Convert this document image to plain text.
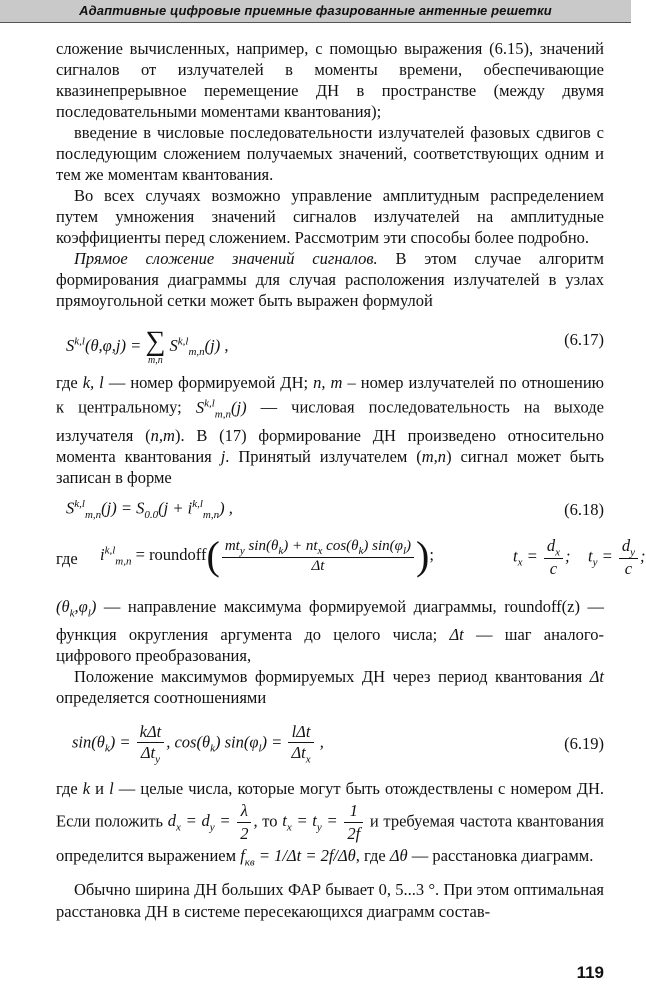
Адаптивные цифровые приемные фазированные антенные решетки

сложение вычисленных, например, с помощью выражения (6.15), значений сигналов от излучателей в моменты времени, обеспечивающие квазинепрерывное перемещение ДН в пространстве (между двумя последовательными моментами квантования);

введение в числовые последовательности излучателей фазовых сдвигов с последующим сложением получаемых значений, соответствующих одним и тем же моментам квантования.

Во всех случаях возможно управление амплитудным распределением путем умножения значений сигналов излучателей на амплитудные коэффициенты перед сложением. Рассмотрим эти способы более подробно.

Прямое сложение значений сигналов. В этом случае алгоритм формирования диаграммы для случая расположения излучателей в узлах прямоугольной сетки может быть выражен формулой

S$^{k,l}$(θ,φ,j) = ∑
m,n
S$^{k,l}_{m,n}$(j) ,	(6.17)

где k, l — номер формируемой ДН; n, m – номер излучателей по отношению к центральному; S$^{k,l}_{m,n}$(j) — числовая последовательность на выходе излучателя (n,m). В (17) формирование ДН произведено относительно момента квантования j. Принятый излучателем (m,n) сигнал может быть записан в форме

$S^{k,l}_{m,n}(j) = S_{0.0}(j + i^{k,l}_{m,n})$ ,	(6.18)
где $i^{k,l}_{m,n}$ = roundoff( $\frac{mt_y \sin(\theta_k) + nt_x \cos(\theta_k) \sin(\varphi_l)}{\Delta t}$ );	$t_x = \frac{d_x}{c}$ ; $t_y = \frac{d_y}{c}$ ;

$(\theta_k,\varphi_l)$ — направление максимума формируемой диаграммы, roundoff(z) — функция округления аргумента до целого числа; Δt — шаг аналого-цифрового преобразования,

Положение максимумов формируемых ДН через период квантования Δt определяется соотношениями

$\sin(\theta_k) = \frac{\text{kΔt}}{\Delta t_y}$ , $\cos(\theta_k) \sin(\varphi_l) = \frac{\text{lΔt}}{\Delta t_x}$ ,	(6.19)

где k и l — целые числа, которые могут быть отождествлены с номером ДН. Если положить $d_x = d_y = \frac{\lambda}{2}$ , то $t_x = t_y = \frac{1}{2f}$ и требуемая частота квантования определится выражением $f_{кв} = 1/\Delta t = 2f/\Delta\theta$, где Δθ — расстановка диаграмм.

Обычно ширина ДН больших ФАР бывает 0, 5...3 °. При этом оптимальная расстановка ДН в системе пересекающихся диаграмм состав-

119
